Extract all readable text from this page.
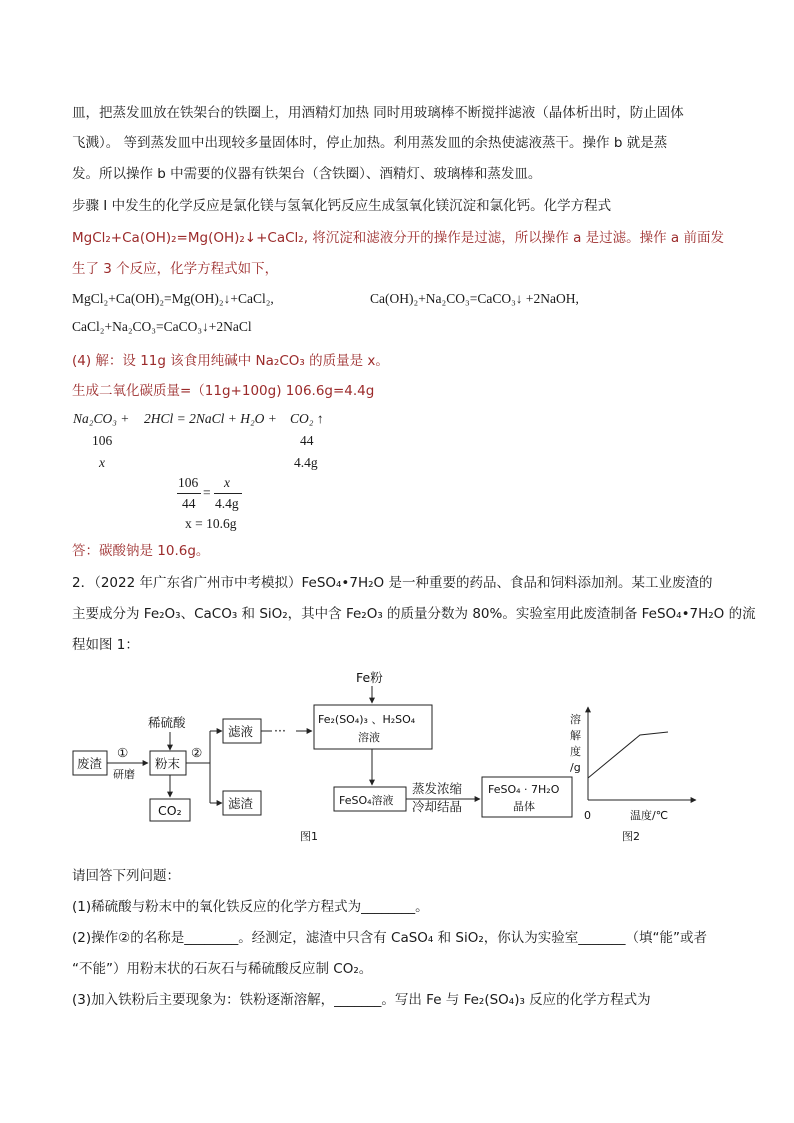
皿，把蒸发皿放在铁架台的铁圈上，用酒精灯加热 同时用玻璃棒不断搅拌滤液（晶体析出时，防止固体
飞溅）。 等到蒸发皿中出现较多量固体时，停止加热。利用蒸发皿的余热使滤液蒸干。操作 b 就是蒸
发。所以操作 b 中需要的仪器有铁架台（含铁圈）、酒精灯、玻璃棒和蒸发皿。
步骤 I 中发生的化学反应是氯化镁与氢氧化钙反应生成氢氧化镁沉淀和氯化钙。化学方程式
MgCl₂+Ca(OH)₂=Mg(OH)₂↓+CaCl₂, 将沉淀和滤液分开的操作是过滤，所以操作 a 是过滤。操作 a 前面发
生了 3 个反应，化学方程式如下，
MgCl₂+Ca(OH)₂=Mg(OH)₂↓+CaCl₂,	Ca(OH)₂+Na₂CO₃=CaCO₃↓ +2NaOH,
CaCl₂+Na₂CO₃=CaCO₃↓+2NaCl
(4) 解：设 11g 该食用纯碱中 Na₂CO₃ 的质量是 x。
生成二氧化碳质量=（11g+100g) 106.6g=4.4g
Na₂CO₃ + 2HCl = 2NaCl + H₂O + CO₂ ↑
106	44
x	4.4g
106
44
=
x
4.4g
x = 10.6g
答：碳酸钠是 10.6g。
2．（2022 年广东省广州市中考模拟）FeSO₄•7H₂O 是一种重要的药品、食品和饲料添加剂。某工业废渣的
主要成分为 Fe₂O₃、CaCO₃ 和 SiO₂，其中含 Fe₂O₃ 的质量分数为 80%。实验室用此废渣制备 FeSO₄•7H₂O 的流
程如图 1：
废渣
①
研磨
稀硫酸
粉末
CO₂
②
滤液 ···
滤渣
Fe粉
Fe₂(SO₄)₃ 、H₂SO₄
溶液
FeSO₄溶液
蒸发浓缩
冷却结晶
FeSO₄ · 7H₂O
晶体
图1	图2
溶
解
度
/g
0	温度/℃
请回答下列问题：
(1)稀硫酸与粉末中的氧化铁反应的化学方程式为________。
(2)操作②的名称是________。经测定，滤渣中只含有 CaSO₄ 和 SiO₂，你认为实验室_______（填“能”或者
“不能”）用粉末状的石灰石与稀硫酸反应制 CO₂。
(3)加入铁粉后主要现象为：铁粉逐渐溶解，_______。写出 Fe 与 Fe₂(SO₄)₃ 反应的化学方程式为
